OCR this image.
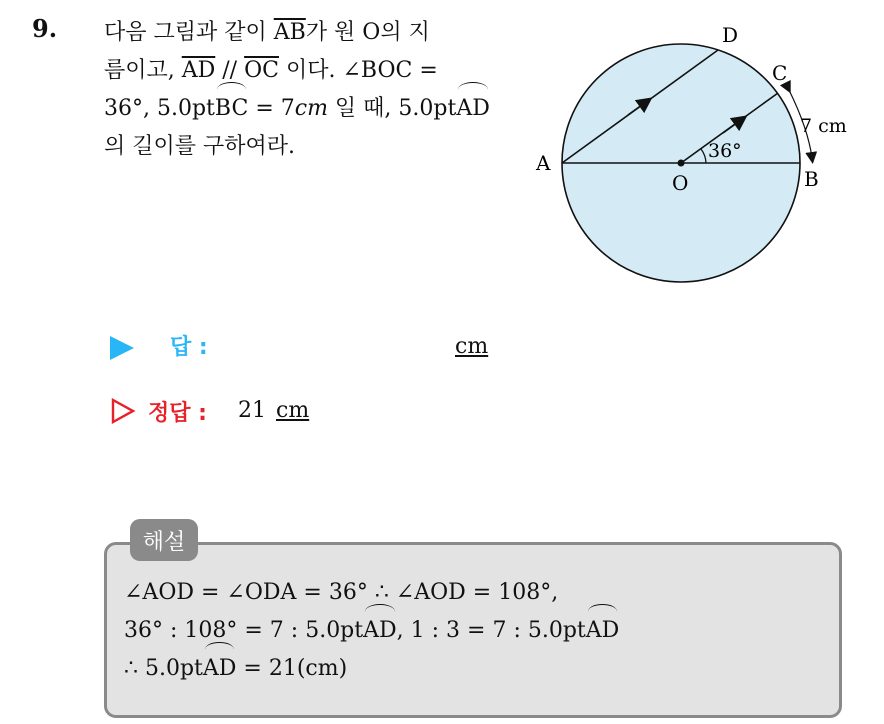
9. 다음 그림과 같이 $\overline{AB}$가 원 O의 지
름이고, $\overline{AD} // \overline{OC}$ 이다. ∠BOC =
36°, 5.0ptBC = 7cm 일 때, 5.0ptAD
의 길이를 구하여라.
A
B
C
D
O
36°
7 cm
답 :	cm
정답 : 21 cm
해설
∠AOD = ∠ODA = 36° ∴ ∠AOD = 108°,
36° : 108° = 7 : 5.0ptAD, 1 : 3 = 7 : 5.0ptAD
∴ 5.0ptAD = 21(cm)
